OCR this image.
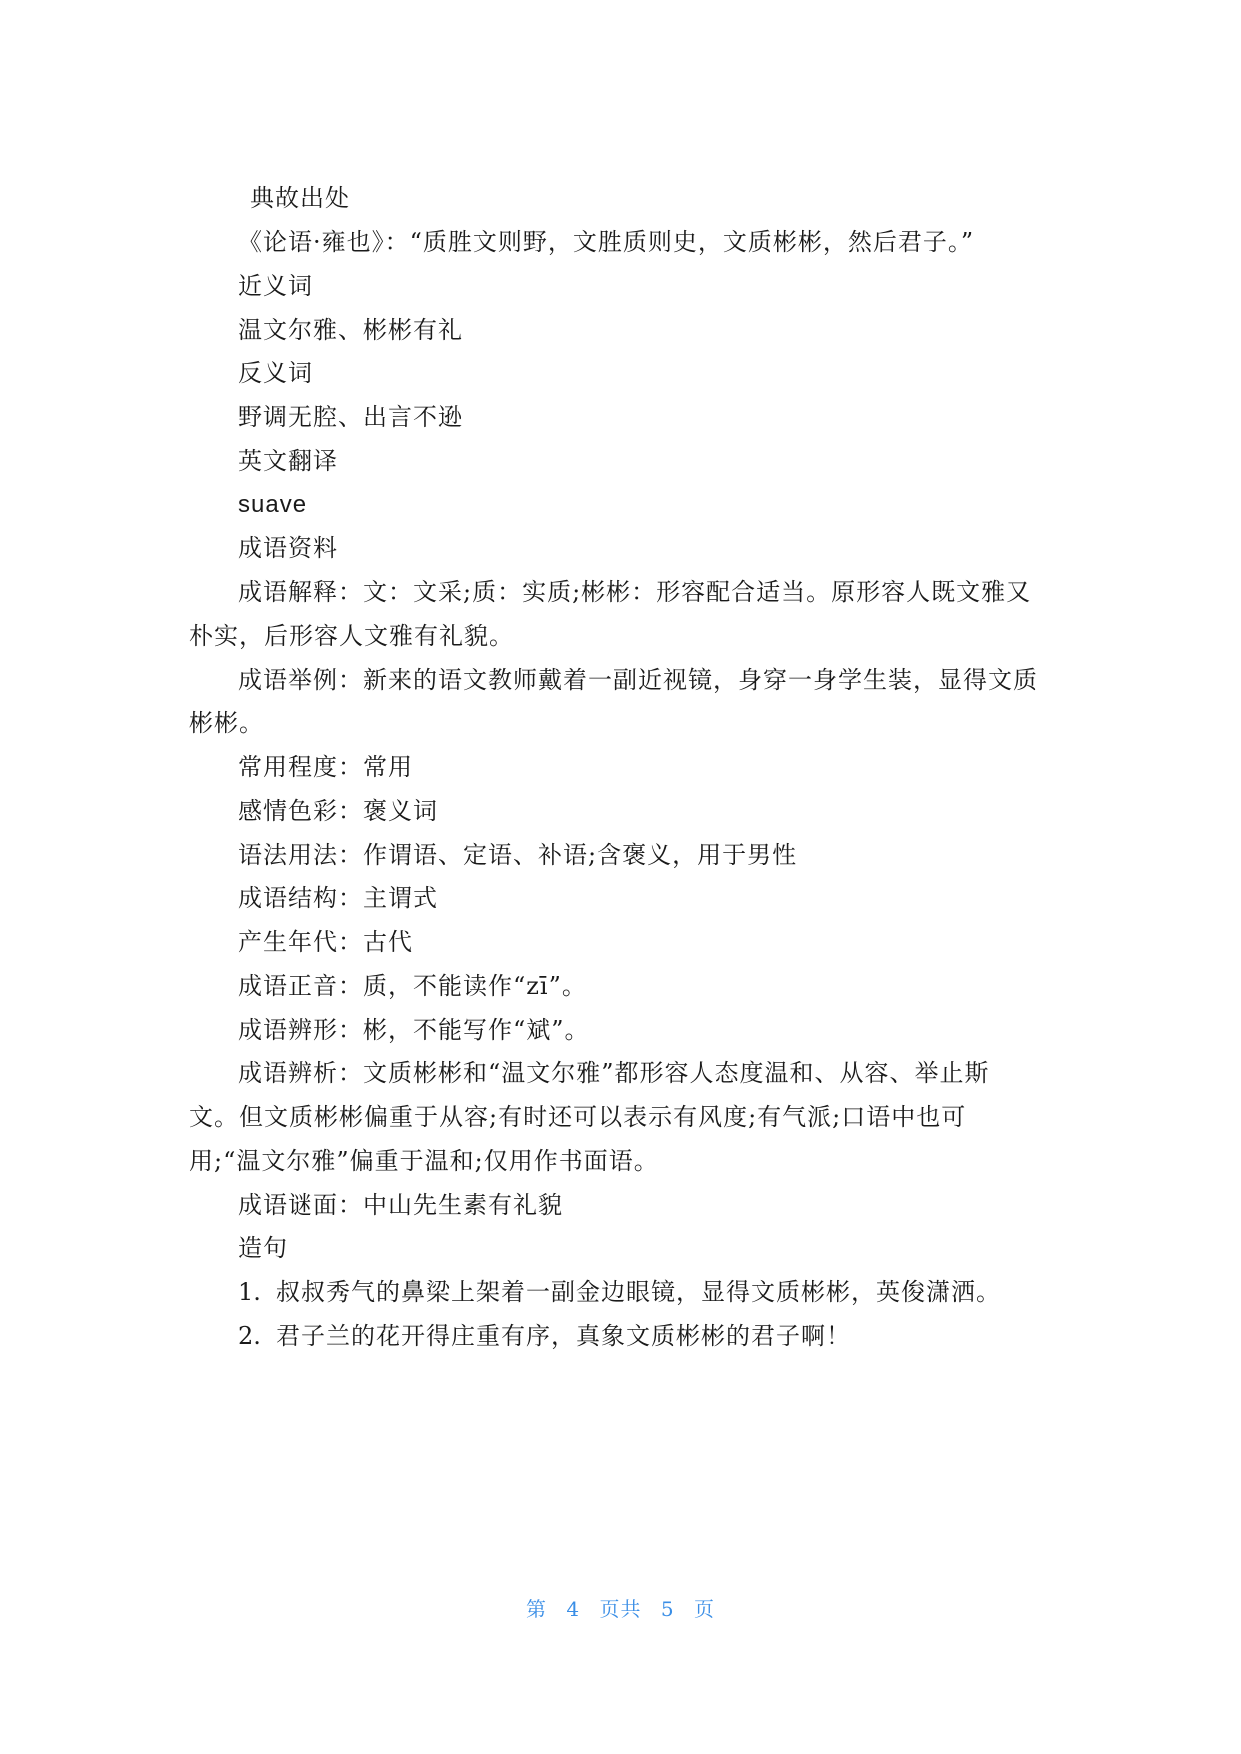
典故出处
《论语·雍也》：“质胜文则野，文胜质则史，文质彬彬，然后君子。”
近义词
温文尔雅、彬彬有礼
反义词
野调无腔、出言不逊
英文翻译
suave
成语资料
成语解释：文：文采;质：实质;彬彬：形容配合适当。原形容人既文雅又
朴实，后形容人文雅有礼貌。
成语举例：新来的语文教师戴着一副近视镜，身穿一身学生装，显得文质
彬彬。
常用程度：常用
感情色彩：褒义词
语法用法：作谓语、定语、补语;含褒义，用于男性
成语结构：主谓式
产生年代：古代
成语正音：质，不能读作“zī”。
成语辨形：彬，不能写作“斌”。
成语辨析：文质彬彬和“温文尔雅”都形容人态度温和、从容、举止斯
文。但文质彬彬偏重于从容;有时还可以表示有风度;有气派;口语中也可
用;“温文尔雅”偏重于温和;仅用作书面语。
成语谜面：中山先生素有礼貌
造句
1. 叔叔秀气的鼻梁上架着一副金边眼镜，显得文质彬彬，英俊潇洒。
2. 君子兰的花开得庄重有序，真象文质彬彬的君子啊！
第 4 页共 5 页
